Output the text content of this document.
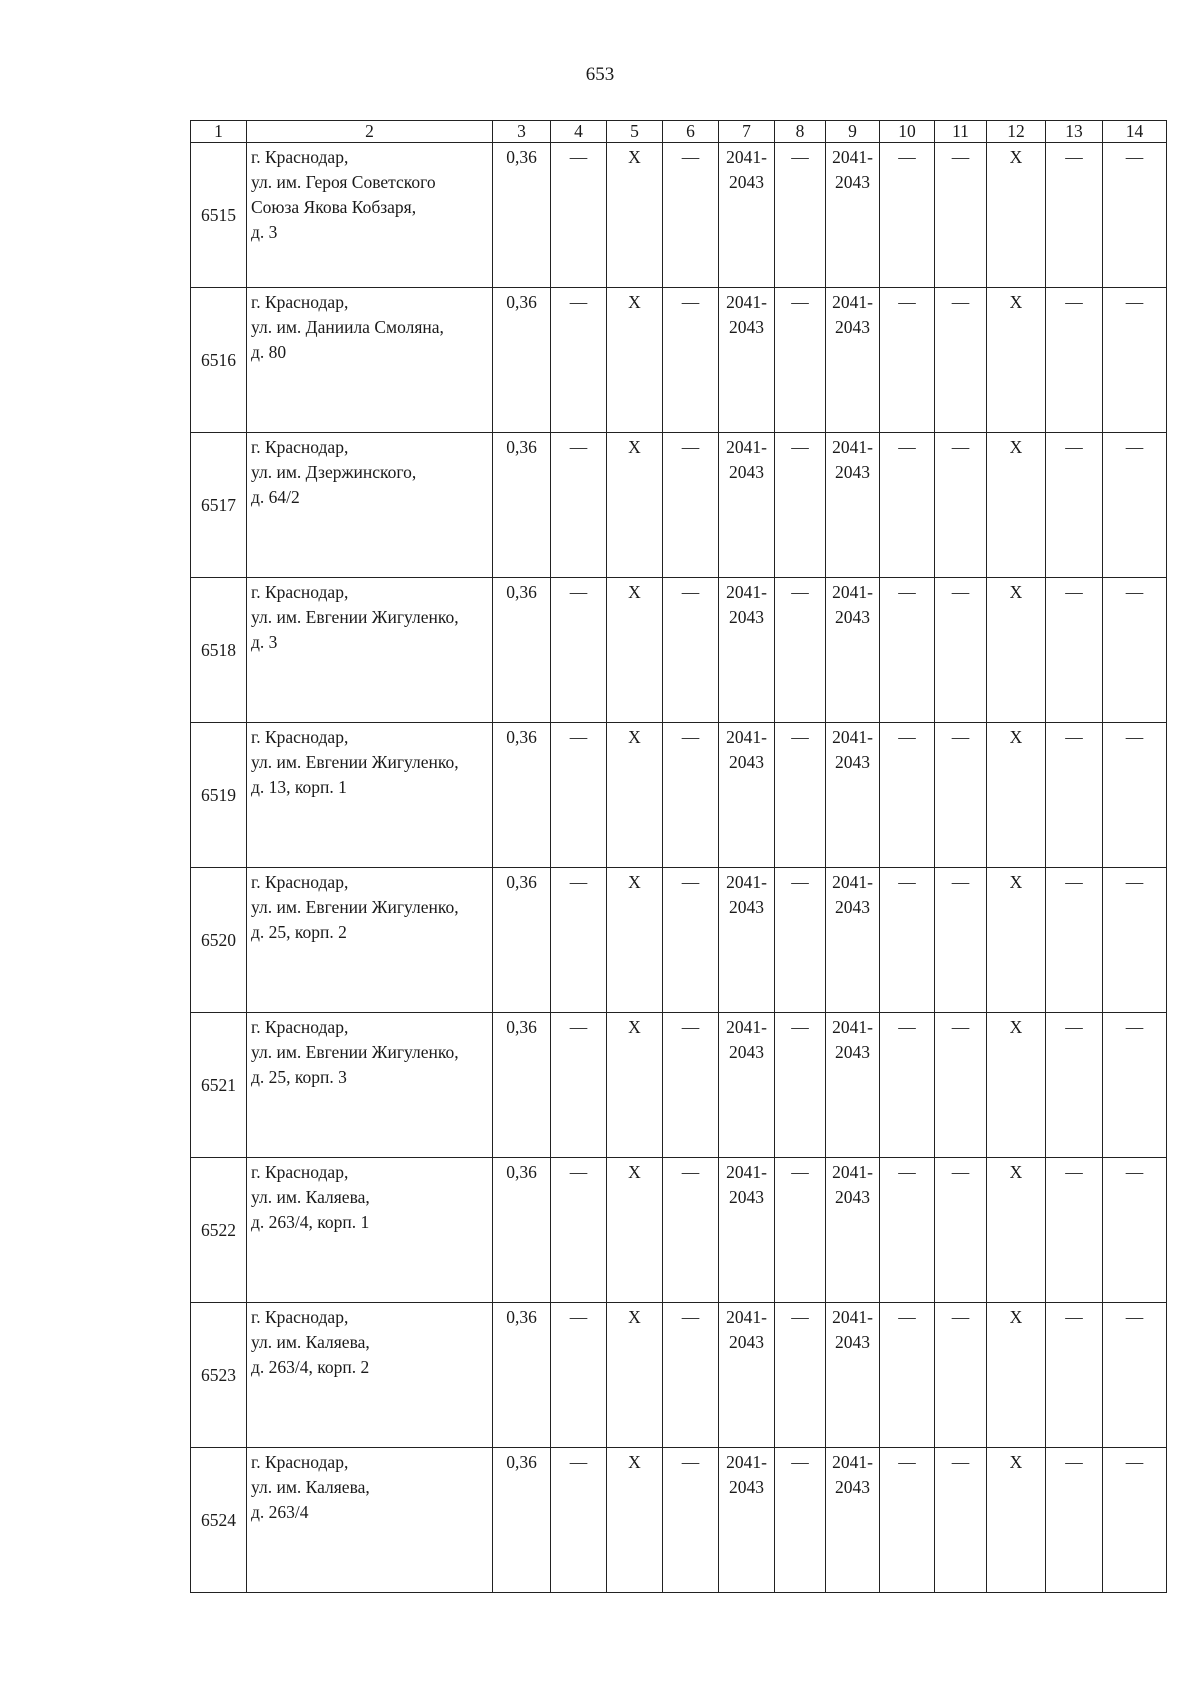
653
1	2	3	4	5	6	7	8	9	10	11	12	13	14
6515	г. Краснодар,
ул. им. Героя Советского
Союза Якова Кобзаря,
д. 3	0,36	—	Х	—	2041-
2043	—	2041-
2043	—	—	Х	—	—
6516	г. Краснодар,
ул. им. Даниила Смоляна,
д. 80	0,36	—	Х	—	2041-
2043	—	2041-
2043	—	—	Х	—	—
6517	г. Краснодар,
ул. им. Дзержинского,
д. 64/2	0,36	—	Х	—	2041-
2043	—	2041-
2043	—	—	Х	—	—
6518	г. Краснодар,
ул. им. Евгении Жигуленко,
д. 3	0,36	—	Х	—	2041-
2043	—	2041-
2043	—	—	Х	—	—
6519	г. Краснодар,
ул. им. Евгении Жигуленко,
д. 13, корп. 1	0,36	—	Х	—	2041-
2043	—	2041-
2043	—	—	Х	—	—
6520	г. Краснодар,
ул. им. Евгении Жигуленко,
д. 25, корп. 2	0,36	—	Х	—	2041-
2043	—	2041-
2043	—	—	Х	—	—
6521	г. Краснодар,
ул. им. Евгении Жигуленко,
д. 25, корп. 3	0,36	—	Х	—	2041-
2043	—	2041-
2043	—	—	Х	—	—
6522	г. Краснодар,
ул. им. Каляева,
д. 263/4, корп. 1	0,36	—	Х	—	2041-
2043	—	2041-
2043	—	—	Х	—	—
6523	г. Краснодар,
ул. им. Каляева,
д. 263/4, корп. 2	0,36	—	Х	—	2041-
2043	—	2041-
2043	—	—	Х	—	—
6524	г. Краснодар,
ул. им. Каляева,
д. 263/4	0,36	—	Х	—	2041-
2043	—	2041-
2043	—	—	Х	—	—
